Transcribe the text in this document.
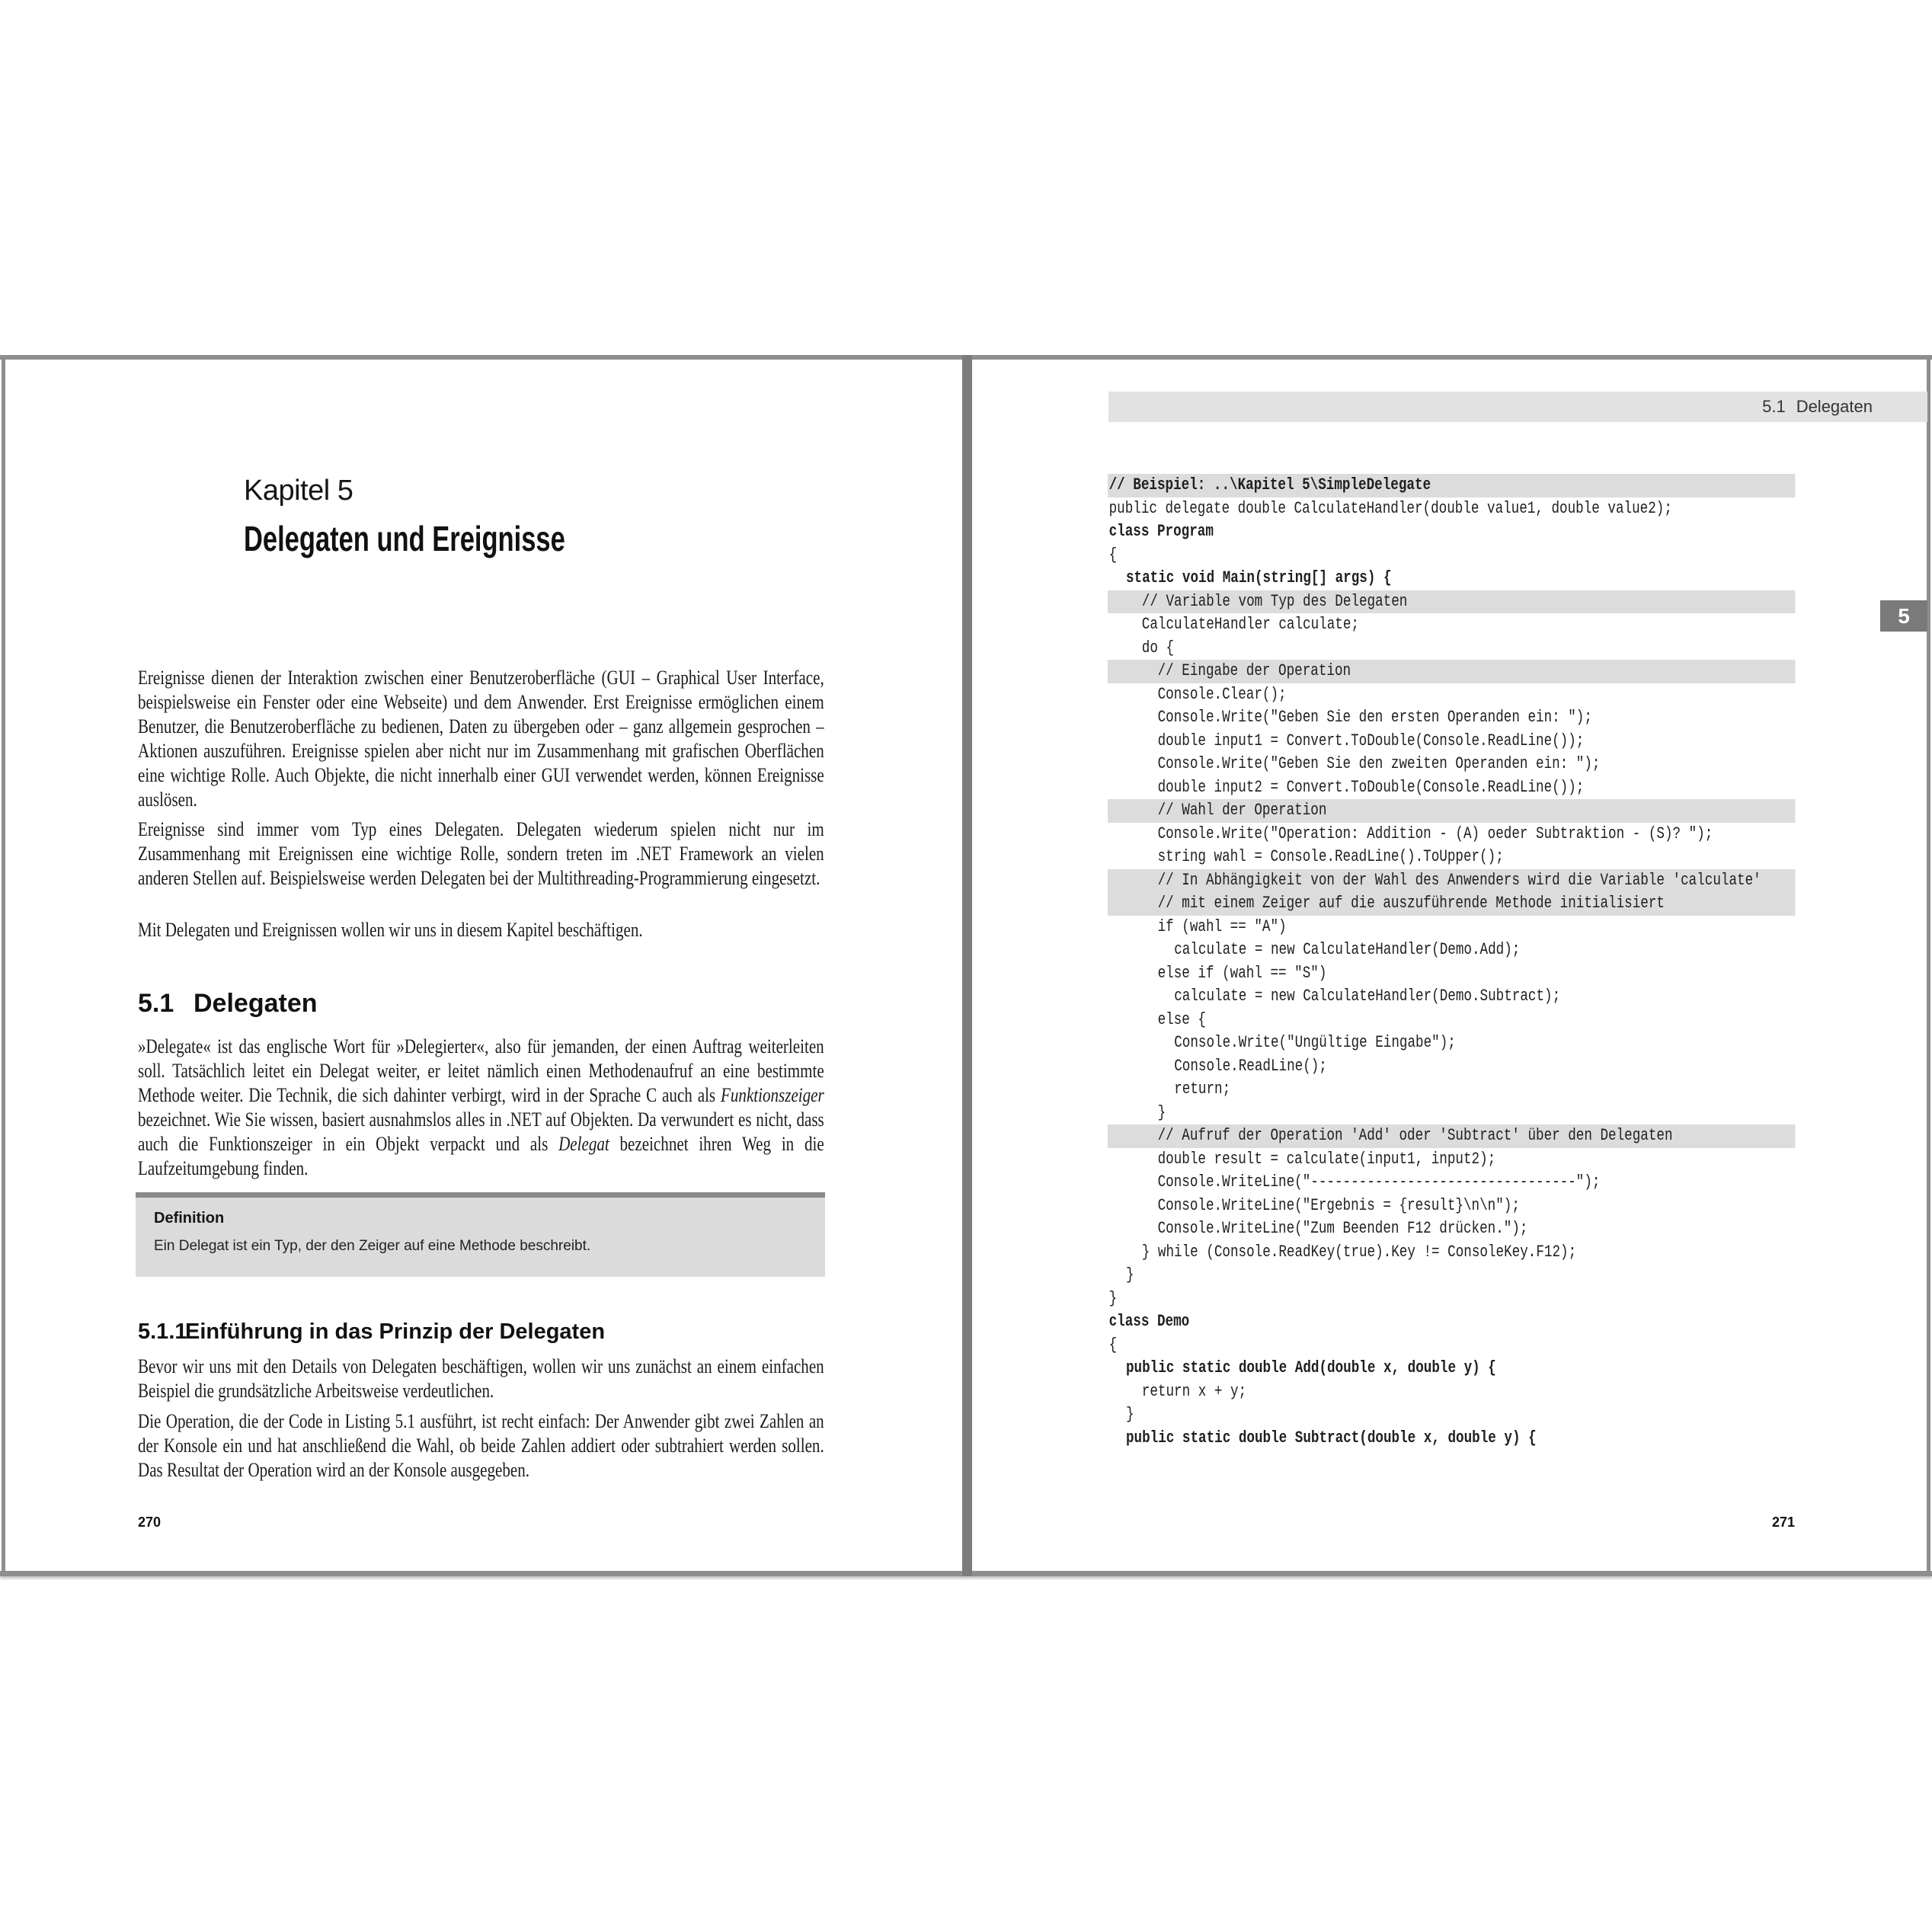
Kapitel 5
Delegaten und Ereignisse

Ereignisse dienen der Interaktion zwischen einer Benutzeroberfläche (GUI – Graphical User Interface, beispielsweise ein Fenster oder eine Webseite) und dem Anwender. Erst Ereignisse ermöglichen einem Benutzer, die Benutzeroberfläche zu bedienen, Daten zu übergeben oder – ganz allgemein gesprochen – Aktionen auszuführen. Ereignisse spielen aber nicht nur im Zusammenhang mit grafischen Oberflächen eine wichtige Rolle. Auch Objekte, die nicht innerhalb einer GUI verwendet werden, können Ereignisse auslösen.

Ereignisse sind immer vom Typ eines Delegaten. Delegaten wiederum spielen nicht nur im Zusammenhang mit Ereignissen eine wichtige Rolle, sondern treten im .NET Framework an vielen anderen Stellen auf. Beispielsweise werden Delegaten bei der Multithreading-Programmierung eingesetzt.

Mit Delegaten und Ereignissen wollen wir uns in diesem Kapitel beschäftigen.

5.1 Delegaten

»Delegate« ist das englische Wort für »Delegierter«, also für jemanden, der einen Auftrag weiterleiten soll. Tatsächlich leitet ein Delegat weiter, er leitet nämlich einen Methodenaufruf an eine bestimmte Methode weiter. Die Technik, die sich dahinter verbirgt, wird in der Sprache C auch als Funktionszeiger bezeichnet. Wie Sie wissen, basiert ausnahmslos alles in .NET auf Objekten. Da verwundert es nicht, dass auch die Funktionszeiger in ein Objekt verpackt und als Delegat bezeichnet ihren Weg in die Laufzeitumgebung finden.

Definition
Ein Delegat ist ein Typ, der den Zeiger auf eine Methode beschreibt.
5.1.1
Einführung in das Prinzip der Delegaten

Bevor wir uns mit den Details von Delegaten beschäftigen, wollen wir uns zunächst an einem einfachen Beispiel die grundsätzliche Arbeitsweise verdeutlichen.

Die Operation, die der Code in Listing 5.1 ausführt, ist recht einfach: Der Anwender gibt zwei Zahlen an der Konsole ein und hat anschließend die Wahl, ob beide Zahlen addiert oder subtrahiert werden sollen. Das Resultat der Operation wird an der Konsole ausgegeben.

270
5.1 Delegaten
5
// Beispiel: ..\Kapitel 5\SimpleDelegate
public delegate double CalculateHandler(double value1, double value2);
class Program
{
static void Main(string[] args) {
// Variable vom Typ des Delegaten
CalculateHandler calculate;
do {
// Eingabe der Operation
Console.Clear();
Console.Write("Geben Sie den ersten Operanden ein: ");
double input1 = Convert.ToDouble(Console.ReadLine());
Console.Write("Geben Sie den zweiten Operanden ein: ");
double input2 = Convert.ToDouble(Console.ReadLine());
// Wahl der Operation
Console.Write("Operation: Addition - (A) oeder Subtraktion - (S)? ");
string wahl = Console.ReadLine().ToUpper();
// In Abhängigkeit von der Wahl des Anwenders wird die Variable 'calculate'
// mit einem Zeiger auf die auszuführende Methode initialisiert
if (wahl == "A")
calculate = new CalculateHandler(Demo.Add);
else if (wahl == "S")
calculate = new CalculateHandler(Demo.Subtract);
else {
Console.Write("Ungültige Eingabe");
Console.ReadLine();
return;
}
// Aufruf der Operation 'Add' oder 'Subtract' über den Delegaten
double result = calculate(input1, input2);
Console.WriteLine("---------------------------------");
Console.WriteLine("Ergebnis = {result}\n\n");
Console.WriteLine("Zum Beenden F12 drücken.");
} while (Console.ReadKey(true).Key != ConsoleKey.F12);
}
}
class Demo
{
public static double Add(double x, double y) {
return x + y;
}
public static double Subtract(double x, double y) {
271
